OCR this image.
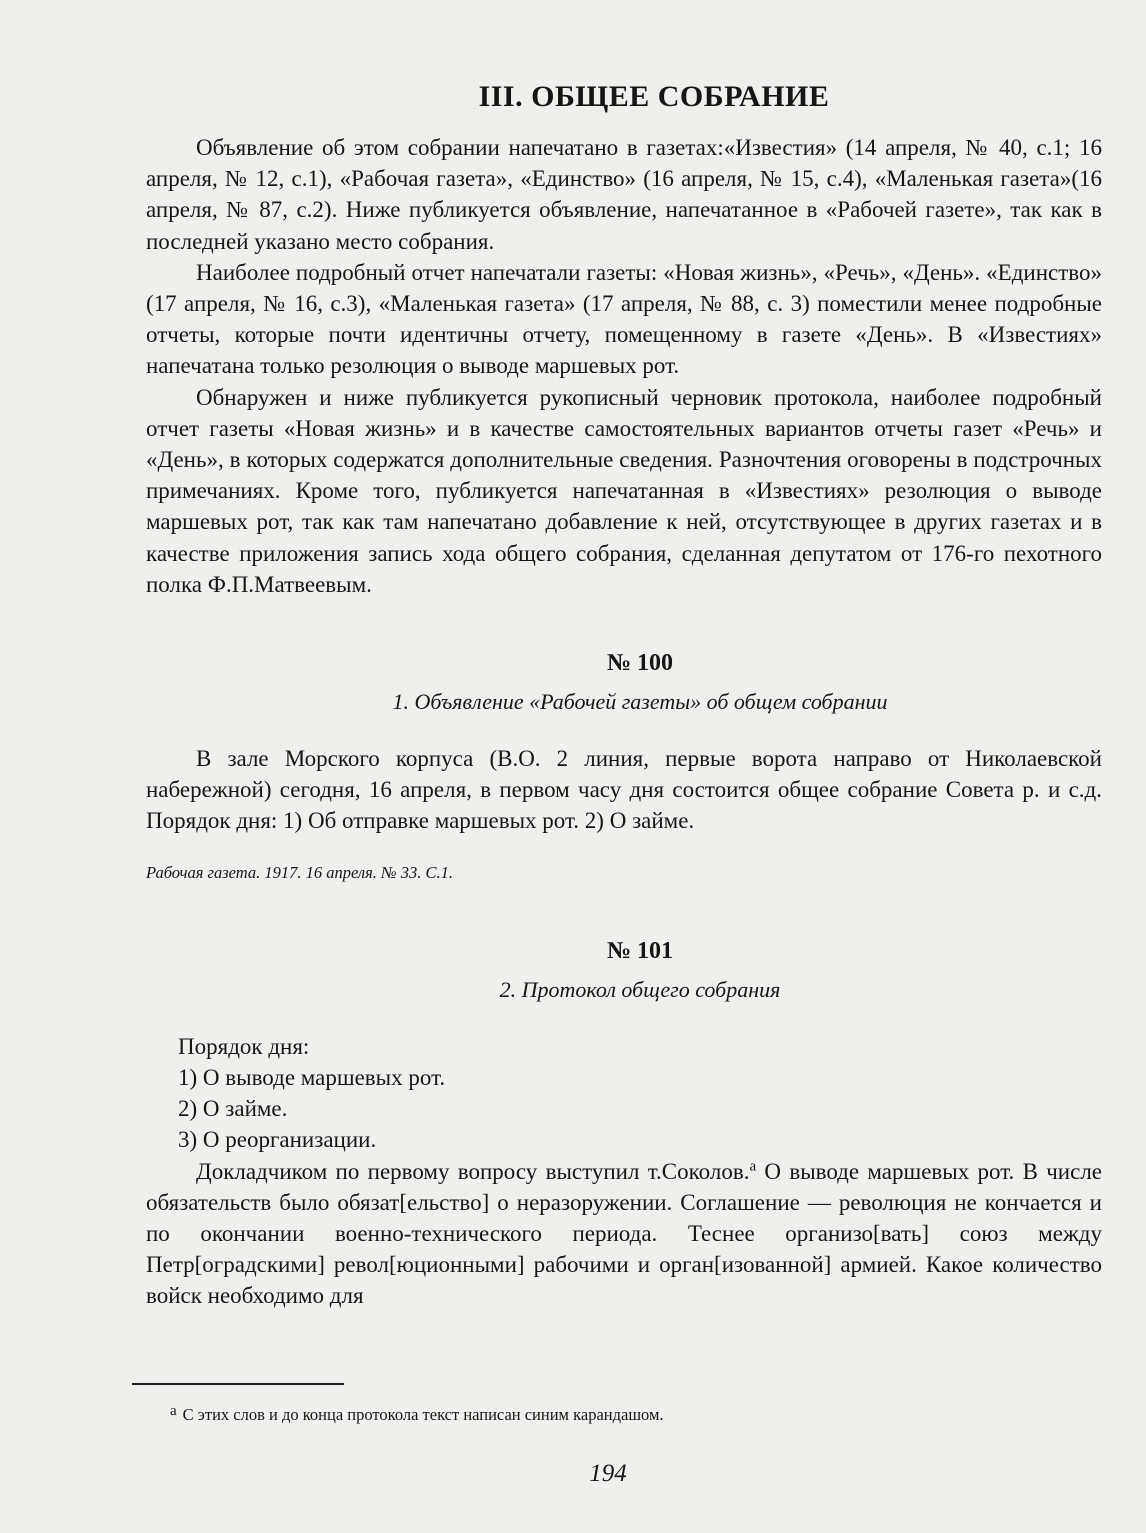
III. ОБЩЕЕ СОБРАНИЕ

Объявление об этом собрании напечатано в газетах:«Известия» (14 апреля, № 40, с.1; 16 апреля, № 12, с.1), «Рабочая газета», «Единство» (16 апреля, № 15, с.4), «Маленькая газета»(16 апреля, № 87, с.2). Ниже публикуется объявление, напечатанное в «Рабочей газете», так как в последней указано место собрания.

Наиболее подробный отчет напечатали газеты: «Новая жизнь», «Речь», «День». «Единство» (17 апреля, № 16, с.3), «Маленькая газета» (17 апреля, № 88, с. 3) поместили менее подробные отчеты, которые почти идентичны отчету, помещенному в газете «День». В «Известиях» напечатана только резолюция о выводе маршевых рот.

Обнаружен и ниже публикуется рукописный черновик протокола, наиболее подробный отчет газеты «Новая жизнь» и в качестве самостоятельных вариантов отчеты газет «Речь» и «День», в которых содержатся дополнительные сведения. Разночтения оговорены в подстрочных примечаниях. Кроме того, публикуется напечатанная в «Известиях» резолюция о выводе маршевых рот, так как там напечатано добавление к ней, отсутствующее в других газетах и в качестве приложения запись хода общего собрания, сделанная депутатом от 176-го пехотного полка Ф.П.Матвеевым.

№ 100
1. Объявление «Рабочей газеты» об общем собрании

В зале Морского корпуса (В.О. 2 линия, первые ворота направо от Николаевской набережной) сегодня, 16 апреля, в первом часу дня состоится общее собрание Совета р. и с.д. Порядок дня: 1) Об отправке маршевых рот. 2) О займе.

Рабочая газета. 1917. 16 апреля. № 33. С.1.

№ 101
2. Протокол общего собрания
Порядок дня:
1) О выводе маршевых рот.
2) О займе.
3) О реорганизации.

Докладчиком по первому вопросу выступил т.Соколов.$^а$ О выводе маршевых рот. В числе обязательств было обязат[ельство] о неразоружении. Соглашение — революция не кончается и по окончании военно-технического периода. Теснее организо[вать] союз между Петр[оградскими] револ[юционными] рабочими и орган[изованной] армией. Какое количество войск необходимо для

а С этих слов и до конца протокола текст написан синим карандашом.
194
